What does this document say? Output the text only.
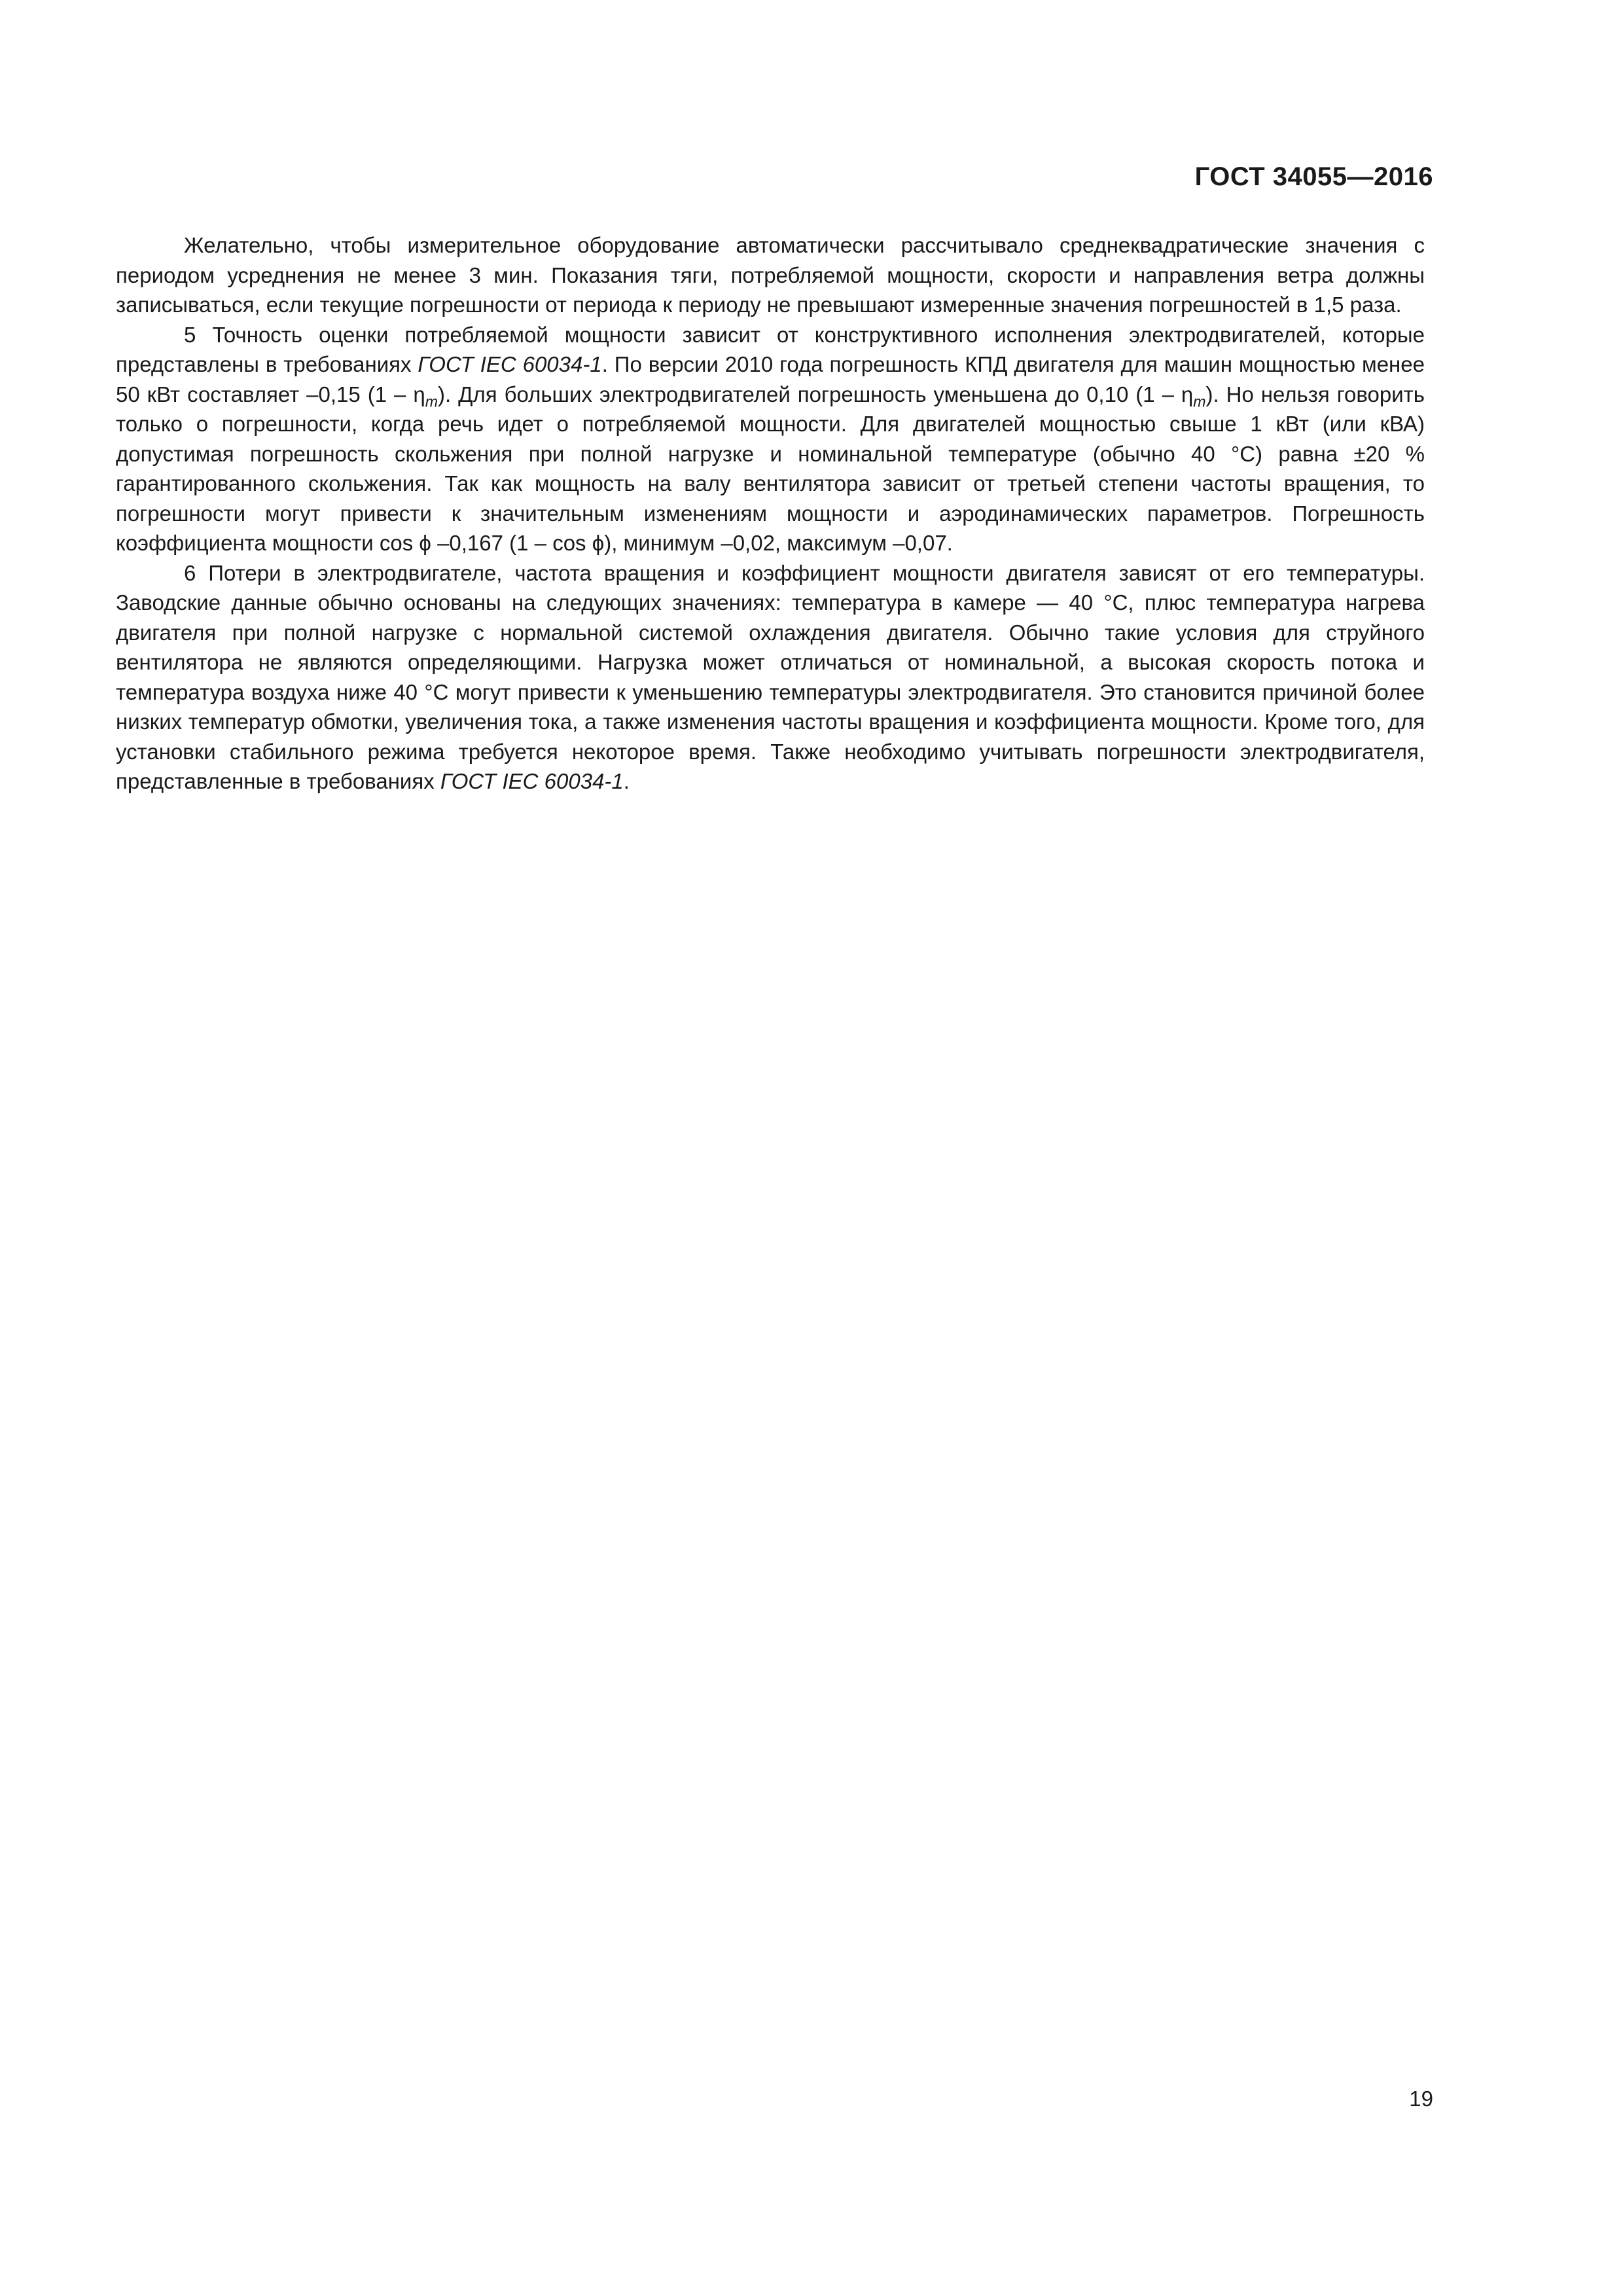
ГОСТ 34055—2016

Желательно, чтобы измерительное оборудование автоматически рассчитывало среднеквадратические значения с периодом усреднения не менее 3 мин. Показания тяги, потребляемой мощности, скорости и направления ветра должны записываться, если текущие погрешности от периода к периоду не превышают измеренные значения погрешностей в 1,5 раза.

5 Точность оценки потребляемой мощности зависит от конструктивного исполнения электродвигателей, которые представлены в требованиях ГОСТ IEC 60034-1. По версии 2010 года погрешность КПД двигателя для машин мощностью менее 50 кВт составляет –0,15 $(1 - \eta_m)$. Для больших электродвигателей погрешность уменьшена до 0,10 $(1 - \eta_m)$. Но нельзя говорить только о погрешности, когда речь идет о потребляемой мощности. Для двигателей мощностью свыше 1 кВт (или кВА) допустимая погрешность скольжения при полной нагрузке и номинальной температуре (обычно 40 °С) равна ±20 % гарантированного скольжения. Так как мощность на валу вентилятора зависит от третьей степени частоты вращения, то погрешности могут привести к значительным изменениям мощности и аэродинамических параметров. Погрешность коэффициента мощности cos ϕ –0,167 (1 – cos ϕ), минимум –0,02, максимум –0,07.

6 Потери в электродвигателе, частота вращения и коэффициент мощности двигателя зависят от его температуры. Заводские данные обычно основаны на следующих значениях: температура в камере — 40 °С, плюс температура нагрева двигателя при полной нагрузке с нормальной системой охлаждения двигателя. Обычно такие условия для струйного вентилятора не являются определяющими. Нагрузка может отличаться от номинальной, а высокая скорость потока и температура воздуха ниже 40 °С могут привести к уменьшению температуры электродвигателя. Это становится причиной более низких температур обмотки, увеличения тока, а также изменения частоты вращения и коэффициента мощности. Кроме того, для установки стабильного режима требуется некоторое время. Также необходимо учитывать погрешности электродвигателя, представленные в требованиях ГОСТ IEC 60034-1.

19
